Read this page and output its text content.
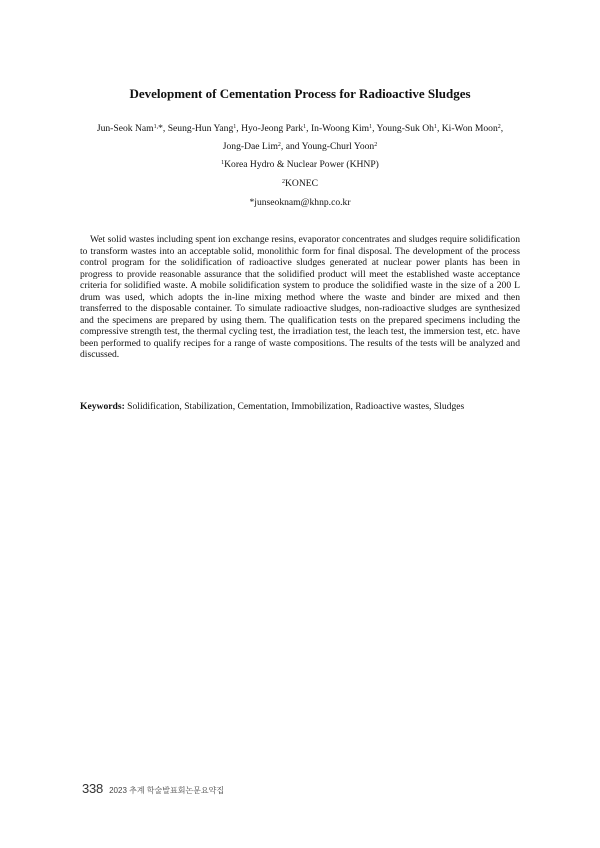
Development of Cementation Process for Radioactive Sludges
Jun-Seok Nam$^{1,}$*, Seung-Hun Yang$^1$, Hyo-Jeong Park$^1$, In-Woong Kim$^1$, Young-Suk Oh$^1$, Ki-Won Moon$^2$,
Jong-Dae Lim$^2$, and Young-Churl Yoon$^2$
$^1$Korea Hydro & Nuclear Power (KHNP)
$^2$KONEC
*junseoknam@khnp.co.kr

Wet solid wastes including spent ion exchange resins, evaporator concentrates and sludges require solidification to transform wastes into an acceptable solid, monolithic form for final disposal. The development of the process control program for the solidification of radioactive sludges generated at nuclear power plants has been in progress to provide reasonable assurance that the solidified product will meet the established waste acceptance criteria for solidified waste. A mobile solidification system to produce the solidified waste in the size of a 200 L drum was used, which adopts the in-line mixing method where the waste and binder are mixed and then transferred to the disposable container. To simulate radioactive sludges, non-radioactive sludges are synthesized and the specimens are prepared by using them. The qualification tests on the prepared specimens including the compressive strength test, the thermal cycling test, the irradiation test, the leach test, the immersion test, etc. have been performed to qualify recipes for a range of waste compositions. The results of the tests will be analyzed and discussed.

Keywords: Solidification, Stabilization, Cementation, Immobilization, Radioactive wastes, Sludges

338 2023 추계 학술발표회논문요약집
